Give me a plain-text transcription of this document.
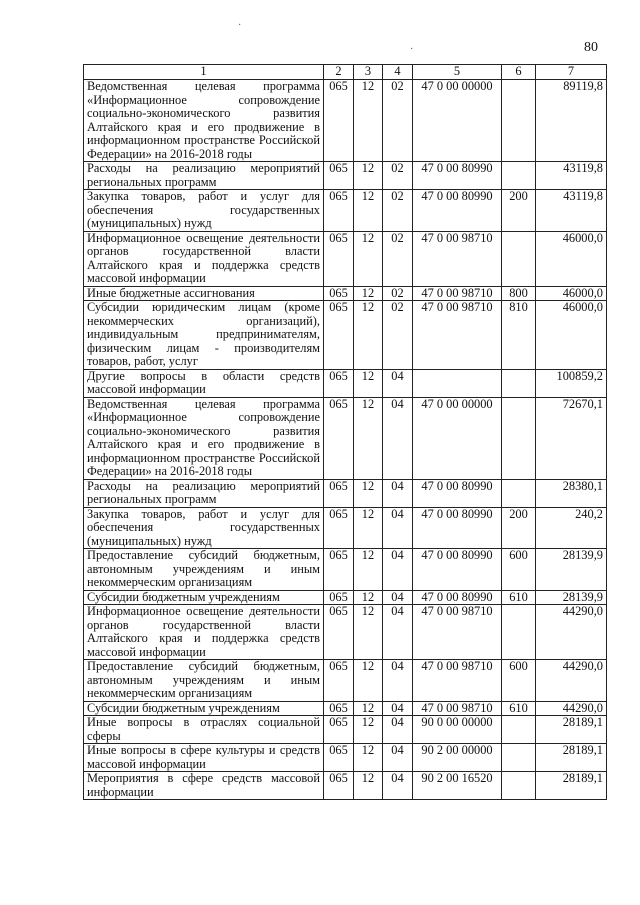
80
·
·
1	2	3	4	5	6	7
Ведомственная целевая программа «Информационное сопровождение социально-экономического развития Алтайского края и его продвижение в информационном пространстве Российской Федерации» на 2016-2018 годы	065	12	02	47 0 00 00000		89119,8
Расходы на реализацию мероприятий региональных программ	065	12	02	47 0 00 80990		43119,8
Закупка товаров, работ и услуг для обеспечения государственных (муниципальных) нужд	065	12	02	47 0 00 80990	200	43119,8
Информационное освещение деятельности органов государственной власти Алтайского края и поддержка средств массовой информации	065	12	02	47 0 00 98710		46000,0
Иные бюджетные ассигнования	065	12	02	47 0 00 98710	800	46000,0
Субсидии юридическим лицам (кроме некоммерческих организаций), индивидуальным предпринимателям, физическим лицам - производителям товаров, работ, услуг	065	12	02	47 0 00 98710	810	46000,0
Другие вопросы в области средств массовой информации	065	12	04			100859,2
Ведомственная целевая программа «Информационное сопровождение социально-экономического развития Алтайского края и его продвижение в информационном пространстве Российской Федерации» на 2016-2018 годы	065	12	04	47 0 00 00000		72670,1
Расходы на реализацию мероприятий региональных программ	065	12	04	47 0 00 80990		28380,1
Закупка товаров, работ и услуг для обеспечения государственных (муниципальных) нужд	065	12	04	47 0 00 80990	200	240,2
Предоставление субсидий бюджетным, автономным учреждениям и иным некоммерческим организациям	065	12	04	47 0 00 80990	600	28139,9
Субсидии бюджетным учреждениям	065	12	04	47 0 00 80990	610	28139,9
Информационное освещение деятельности органов государственной власти Алтайского края и поддержка средств массовой информации	065	12	04	47 0 00 98710		44290,0
Предоставление субсидий бюджетным, автономным учреждениям и иным некоммерческим организациям	065	12	04	47 0 00 98710	600	44290,0
Субсидии бюджетным учреждениям	065	12	04	47 0 00 98710	610	44290,0
Иные вопросы в отраслях социальной сферы	065	12	04	90 0 00 00000		28189,1
Иные вопросы в сфере культуры и средств массовой информации	065	12	04	90 2 00 00000		28189,1
Мероприятия в сфере средств массовой информации	065	12	04	90 2 00 16520		28189,1
